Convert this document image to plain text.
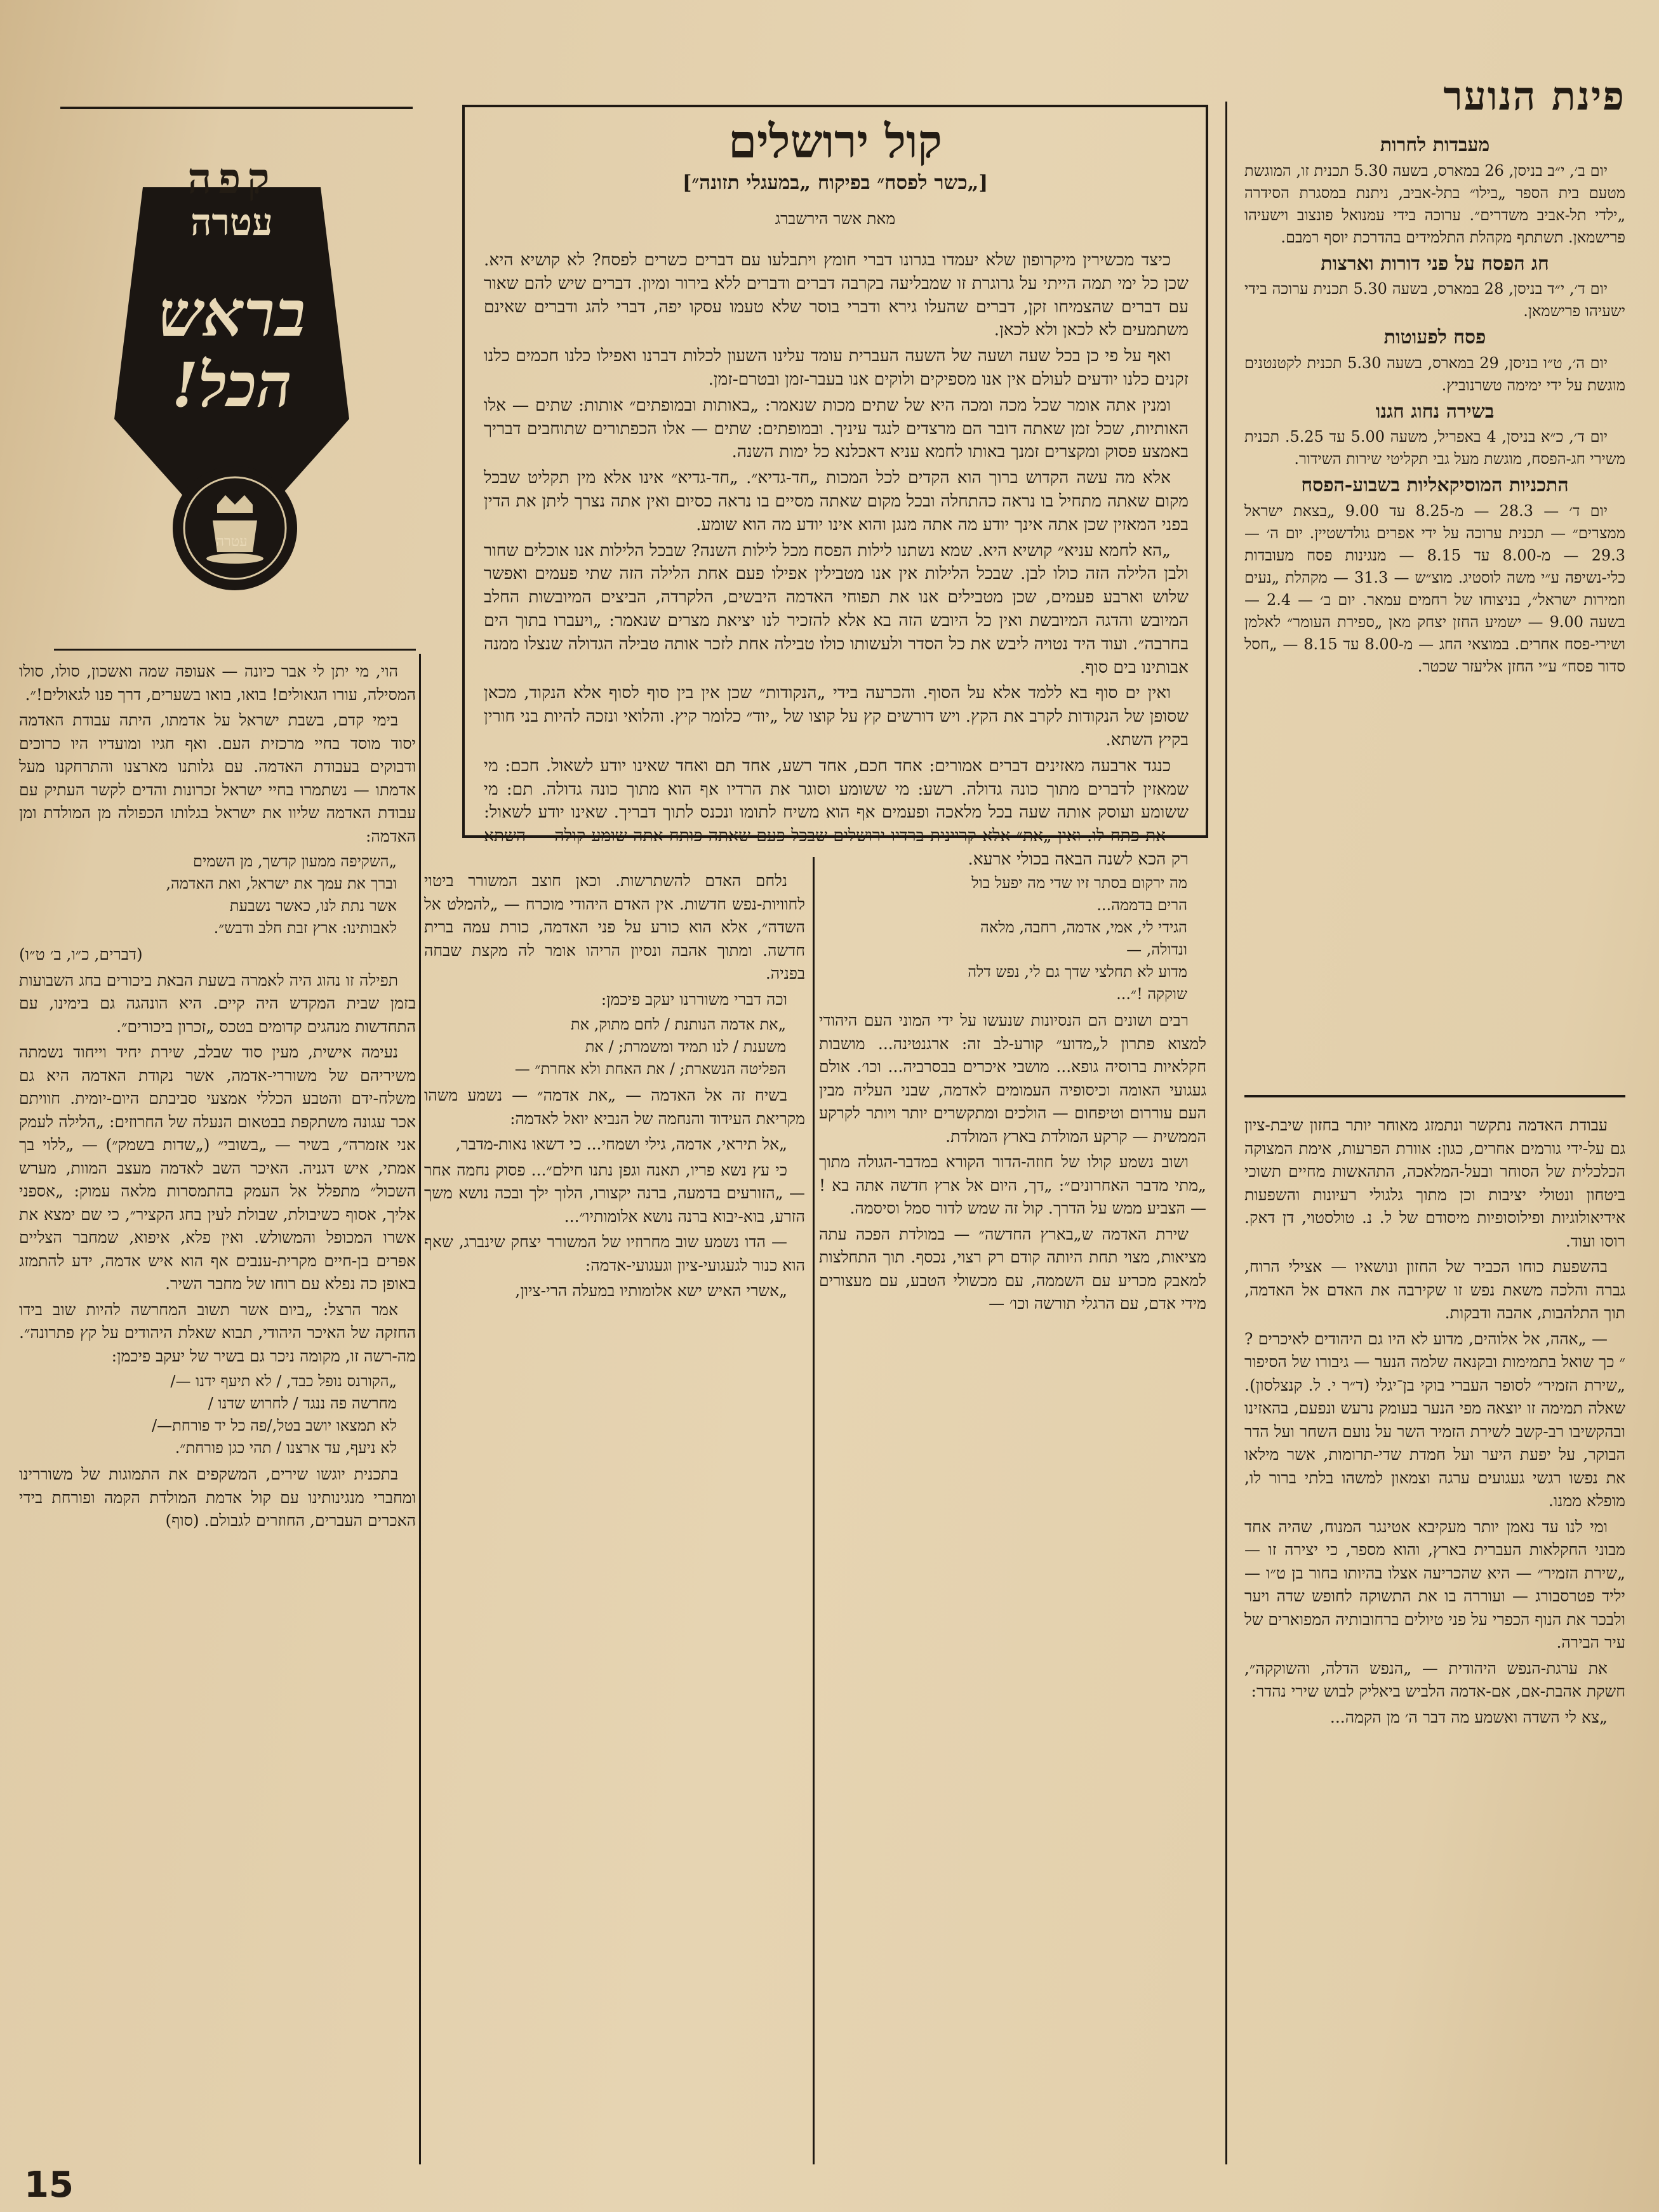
קפה
עטרה
בראש
הכל!
עטרה
פינת הנוער

מעבדות לחרות

יום ב׳, י״ב בניסן, 26 במארס, בשעה 5.30 תכנית זו, המוגשת מטעם בית הספר „בילו״ בתל-אביב, ניתנת במסגרת הסידרה „ילדי תל-אביב משדרים״. ערוכה בידי עמנואל פונצוב וישעיהו פרישמאן. תשתתף מקהלת התלמידים בהדרכת יוסף רמבם.

חג הפסח על פני דורות וארצות

יום ד׳, י״ד בניסן, 28 במארס, בשעה 5.30 תכנית ערוכה בידי ישעיהו פרישמאן.

פסח לפעוטות

יום ה׳, ט״ו בניסן, 29 במארס, בשעה 5.30 תכנית לקטנטנים מוגשת על ידי ימימה טשרנוביץ.

בשירה נחוג חגנו

יום ד׳, כ״א בניסן, 4 באפריל, משעה 5.00 עד 5.25. תכנית משירי חג-הפסח, מוגשת מעל גבי תקליטי שירות השידור.

התכניות המוסיקאליות בשבוע-הפסח

יום ד׳ — 28.3 — מ-8.25 עד 9.00 „בצאת ישראל ממצרים״ — תכנית ערוכה על ידי אפרים גולדשטיין. יום ה׳ — 29.3 — מ-8.00 עד 8.15 — מנגינות פסח מעובדות כלי-נשיפה ע״י משה לוסטיג. מוצ״ש — 31.3 — מקהלת „נעים וזמירות ישראל״, בניצוחו של רחמים עמאר. יום ב׳ — 2.4 — בשעה 9.00 — ישמיע החזן יצחק מאן „ספירת העומר״ לאלמן ושירי-פסח אחרים. במוצאי החג — מ-8.00 עד 8.15 — „חסל סדור פסח״ ע״י החזן אליעזר שכטר.

קול ירושלים
[„כשר לפסח״ בפיקוח „במעגלי תזונה״]
מאת אשר הירשברג

כיצד מכשירין מיקרופון שלא יעמדו בגרונו דברי חומץ ויתבלעו עם דברים כשרים לפסח? לא קושיא היא. שכן כל ימי תמה הייתי על גרוגרת זו שמבליעה בקרבה דברים ודברים ללא בירור ומיון. דברים שיש להם שאור עם דברים שהצמיחו זקן, דברים שהעלו גירא ודברי בוסר שלא טעמו עסקו יפה, דברי להג ודברים שאינם משתמעים לא לכאן ולא לכאן.

ואף על פי כן בכל שעה ושעה של השעה העברית עומד עלינו השעון לכלות דברנו ואפילו כלנו חכמים כלנו זקנים כלנו יודעים לעולם אין אנו מספיקים ולוקים אנו בעבר-זמן ובטרם-זמן.

ומנין אתה אומר שכל מכה ומכה היא של שתים מכות שנאמר: „באותות ובמופתים״ אותות: שתים — אלו האותיות, שכל זמן שאתה דובר הם מרצדים לנגד עיניך. ובמופתים: שתים — אלו הכפתורים שתוחבים דבריך באמצע פסוק ומקצרים זמנך באותו לחמא עניא דאכלנא כל ימות השנה.

אלא מה עשה הקדוש ברוך הוא הקדים לכל המכות „חד-גדיא״. „חד-גדיא״ אינו אלא מין תקליט שבכל מקום שאתה מתחיל בו נראה כהתחלה ובכל מקום שאתה מסיים בו נראה כסיום ואין אתה נצרך ליתן את הדין בפני המאזין שכן אתה אינך יודע מה אתה מנגן והוא אינו יודע מה הוא שומע.

„הא לחמא עניא״ קושיא היא. שמא נשתנו לילות הפסח מכל לילות השנה? שבכל הלילות אנו אוכלים שחור ולבן הלילה הזה כולו לבן. שבכל הלילות אין אנו מטבילין אפילו פעם אחת הלילה הזה שתי פעמים ואפשר שלוש וארבע פעמים, שכן מטבילים אנו את תפוחי האדמה היבשים, הלקרדה, הביצים המיובשות החלב המיובש והדגה המיובשת ואין כל היובש הזה בא אלא להזכיר לנו יציאת מצרים שנאמר: „ויעברו בתוך הים בחרבה״. ועוד היד נטויה ליבש את כל הסדר ולעשותו כולו טבילה אחת לזכר אותה טבילה הגדולה שנצלו ממנה אבותינו בים סוף.

ואין ים סוף בא ללמד אלא על הסוף. והכרעה בידי „הנקודות״ שכן אין בין סוף לסוף אלא הנקוד, מכאן שסופן של הנקודות לקרב את הקץ. ויש דורשים קץ על קוצו של „יוד״ כלומר קיץ. והלואי ונזכה להיות בני חורין בקיץ השתא.

כנגד ארבעה מאזינים דברים אמורים: אחד חכם, אחד רשע, אחד תם ואחד שאינו יודע לשאול. חכם: מי שמאזין לדברים מתוך כונה גדולה. רשע: מי ששומע וסוגר את הרדיו אף הוא מתוך כונה גדולה. תם: מי ששומע ועוסק אותה שעה בכל מלאכה ופעמים אף הוא משיח לתומו ונכנס לתוך דבריך. שאינו יודע לשאול: — את פתח לו. ואין „את״ אלא קריינית ברדיו ירושלים שבכל פעם שאתה פותח אתה שומע קולה — השתא רק הכא לשנה הבאה בכולי ארעא.

הוי, מי יתן לי אבר כיונה — אעופה שמה ואשכון, סולו, סולו המסילה, עורו הגאולים! בואו, בואו בשערים, דרך פנו לגאולים!״.

בימי קדם, בשבת ישראל על אדמתו, היתה עבודת האדמה יסוד מוסד בחיי מרכזית העם. ואף חגיו ומועדיו היו כרוכים ודבוקים בעבודת האדמה. עם גלותנו מארצנו והתרחקנו מעל אדמתו — נשתמרו בחיי ישראל זכרונות והדים לקשר העתיק עם עבודת האדמה שליוו את ישראל בגלותו הכפולה מן המולדת ומן האדמה:

„השקיפה ממעון קדשך, מן השמים
וברך את עמך את ישראל, ואת האדמה,
אשר נתת לנו, כאשר נשבעת
לאבותינו: ארץ זבת חלב ודבש״.

(דברים, כ״ו, ב׳ ט״ו)

תפילה זו נהוג היה לאמרה בשעת הבאת ביכורים בחג השבועות בזמן שבית המקדש היה קיים. היא הונהגה גם בימינו, עם התחדשות מנהגים קדומים בטכס „זכרון ביכורים״.

נעימה אישית, מעין סוד שבלב, שירת יחיד וייחוד נשמתה משיריהם של משוררי-אדמה, אשר נקודת האדמה היא גם משלח-ידם והטבע הכללי אמצעי סביבתם היום-יומית. חוויתם אכר עגונה משתקפת בבטאום הנעלה של החרוזים: „הלילה לעמק אני אזמרה״, בשיר — „בשובי״ („שדות בשמק״) — „ללוי בך אמתי, איש דגניה. האיכר השב לאדמה מעצב המוות, מערש השכול״ מתפלל אל העמק בהתמסרות מלאה עמוק: „אספני אליך, אסוף כשיבולת, שבולת לעין בחג הקציר״, כי שם ימצא את אשרו המכופל והמשולש. ואין פלא, איפוא, שמחבר הצליים אפרים בן-חיים מקרית-ענבים אף הוא איש אדמה, ידע להתמזג באופן כה נפלא עם רוחו של מחבר השיר.

אמר הרצל: „ביום אשר תשוב המחרשה להיות שוב בידו החזקה של האיכר היהודי, תבוא שאלת היהודים על קץ פתרונה״. מה-רשה זו, מקומה ניכר גם בשיר של יעקב פיכמן:

„הקורנס נופל כבד, / לא תיעף ידנו —/
מחרשה פה ננגד / לחרוש שדנו /
לא תמצאו יושב בטל,/פה כל יד פורחת—/
לא ניעף, עד ארצנו / תהי כגן פורחת״.

בתכנית יוגשו שירים, המשקפים את התמוגות של משוררינו ומחברי מנגינותינו עם קול אדמת המולדת הקמה ופורחת בידי האכרים העברים, החוזרים לגבולם. (סוף)

מה ירקום בסתר זיו שדי מה יפעל בול
הרים בדממה...
הגידי לי, אמי, אדמה, רחבה, מלאה
ונדולה, —
מדוע לא תחלצי שדך גם לי, נפש דלה
שוקקה !״...

רבים ושונים הם הנסיונות שנעשו על ידי המוני העם היהודי למצוא פתרון ל„מדוע״ קורע-לב זה: ארגנטינה... מושבות חקלאיות ברוסיה גופא... מושבי איכרים בבסרביה... וכו׳. אולם געגועי האומה וכיסופיה העמומים לאדמה, שבני העליה מבין העם עוררום וטיפחום — הולכים ומתקשרים יותר ויותר לקרקע הממשית — קרקע המולדת בארץ המולדת.

ושוב נשמע קולו של חוזה-הדור הקורא במדבר-הגולה מתוך „מתי מדבר האחרונים״: „דך, היום אל ארץ חדשה אתה בא ! — הצביע ממש על הדרך. קול זה שמש לדור סמל וסיסמה.

שירת האדמה ש„בארץ החדשה״ — במולדת הפכה עתה מציאות, מצוי תחת היותה קודם רק רצוי, נכסף. תוך התחלצות למאבק מכריע עם השממה, עם מכשולי הטבע, עם מעצורים מידי אדם, עם הרגלי תורשה וכו׳ —

נלחם האדם להשתרשות. וכאן חוצב המשורר ביטוי לחוויות-נפש חדשות. אין האדם היהודי מוכרח — „להמלט אל השדה״, אלא הוא כורע על פני האדמה, כורת עמה ברית חדשה. ומתוך אהבה ונסיון הריהו אומר לה מקצת שבחה בפניה.

וכה דברי משוררנו יעקב פיכמן:

„את אדמה הנותנת / לחם מתוק, את
משענת / לנו תמיד ומשמרת; / את
הפליטה הנשארת; / את האחת ולא אחרת״ —

בשיח זה אל האדמה — „את אדמה״ — נשמע משהו מקריאת העידוד והנחמה של הנביא יואל לאדמה:

„אל תיראי, אדמה, גילי ושמחי... כי דשאו נאות-מדבר,

כי עץ נשא פריו, תאנה וגפן נתנו חילם״... פסוק נחמה אחר — „הזורעים בדמעה, ברנה יקצורו, הלוך ילך ובכה נושא משך הזרע, בוא-יבוא ברנה נושא אלומותיו״...

— הדו נשמע שוב מחרוזיו של המשורר יצחק שינברג, שאף הוא כנור לגעגועי-ציון וגעגועי-אדמה:

„אשרי האיש ישא אלומותיו במעלה הרי-ציון,

עבודת האדמה נתקשר ונתמזג מאוחר יותר בחזון שיבת-ציון גם על-ידי גורמים אחרים, כגון: אוורת הפרעות, אימת המצוקה הכלכלית של הסוחר ובעל-המלאכה, התהאשות מחיים תשוכי ביטחון ונטולי יציבות וכן מתוך גלגולי רעיונות והשפעות אידיאולוגיות ופילוסופיות מיסודם של ל. נ. טולסטוי, דן דאק. רוסו ועוד.

בהשפעת כוחו הכביר של החזון ונושאיו — אצילי הרוח, גברה והלכה משאת נפש זו שקירבה את האדם אל האדמה, תוך התלהבות, אהבה ודבקות.

— „אהה, אל אלוהים, מדוע לא היו גם היהודים לאיכרים ?״ כך שואל בתמימות ובקנאה שלמה הנער — גיבורו של הסיפור „שירת הזמיר״ לסופר העברי בוקי בן־יגלי (ד״ר י. ל. קנצלסון). שאלה תמימה זו יוצאה מפי הנער בעומק נרעש ונפעם, בהאזינו ובהקשיבו רב-קשב לשירת הזמיר השר על נועם השחר ועל הדר הבוקר, על יפעת היער ועל חמדת שדי-תרומות, אשר מילאו את נפשו רגשי געגועים ערגה וצמאון למשהו בלתי ברור לו, מופלא ממנו.

ומי לנו עד נאמן יותר מעקיבא אטינגר המנוח, שהיה אחד מבוני החקלאות העברית בארץ, והוא מספר, כי יצירה זו — „שירת הזמיר״ — היא שהכריעה אצלו בהיותו בחור בן ט״ו — יליד פטרסבורג — ועוררה בו את התשוקה לחופש שדה ויער ולבכר את הנוף הכפרי על פני טיולים ברחובותיה המפוארים של עיר הבירה.

את ערגת-הנפש היהודית — „הנפש הדלה, והשוקקה״, חשקת אהבת-אם, אם-אדמה הלביש ביאליק לבוש שירי נהדר:

„צא לי השדה ואשמע מה דבר ה׳ מן הקמה...

15
